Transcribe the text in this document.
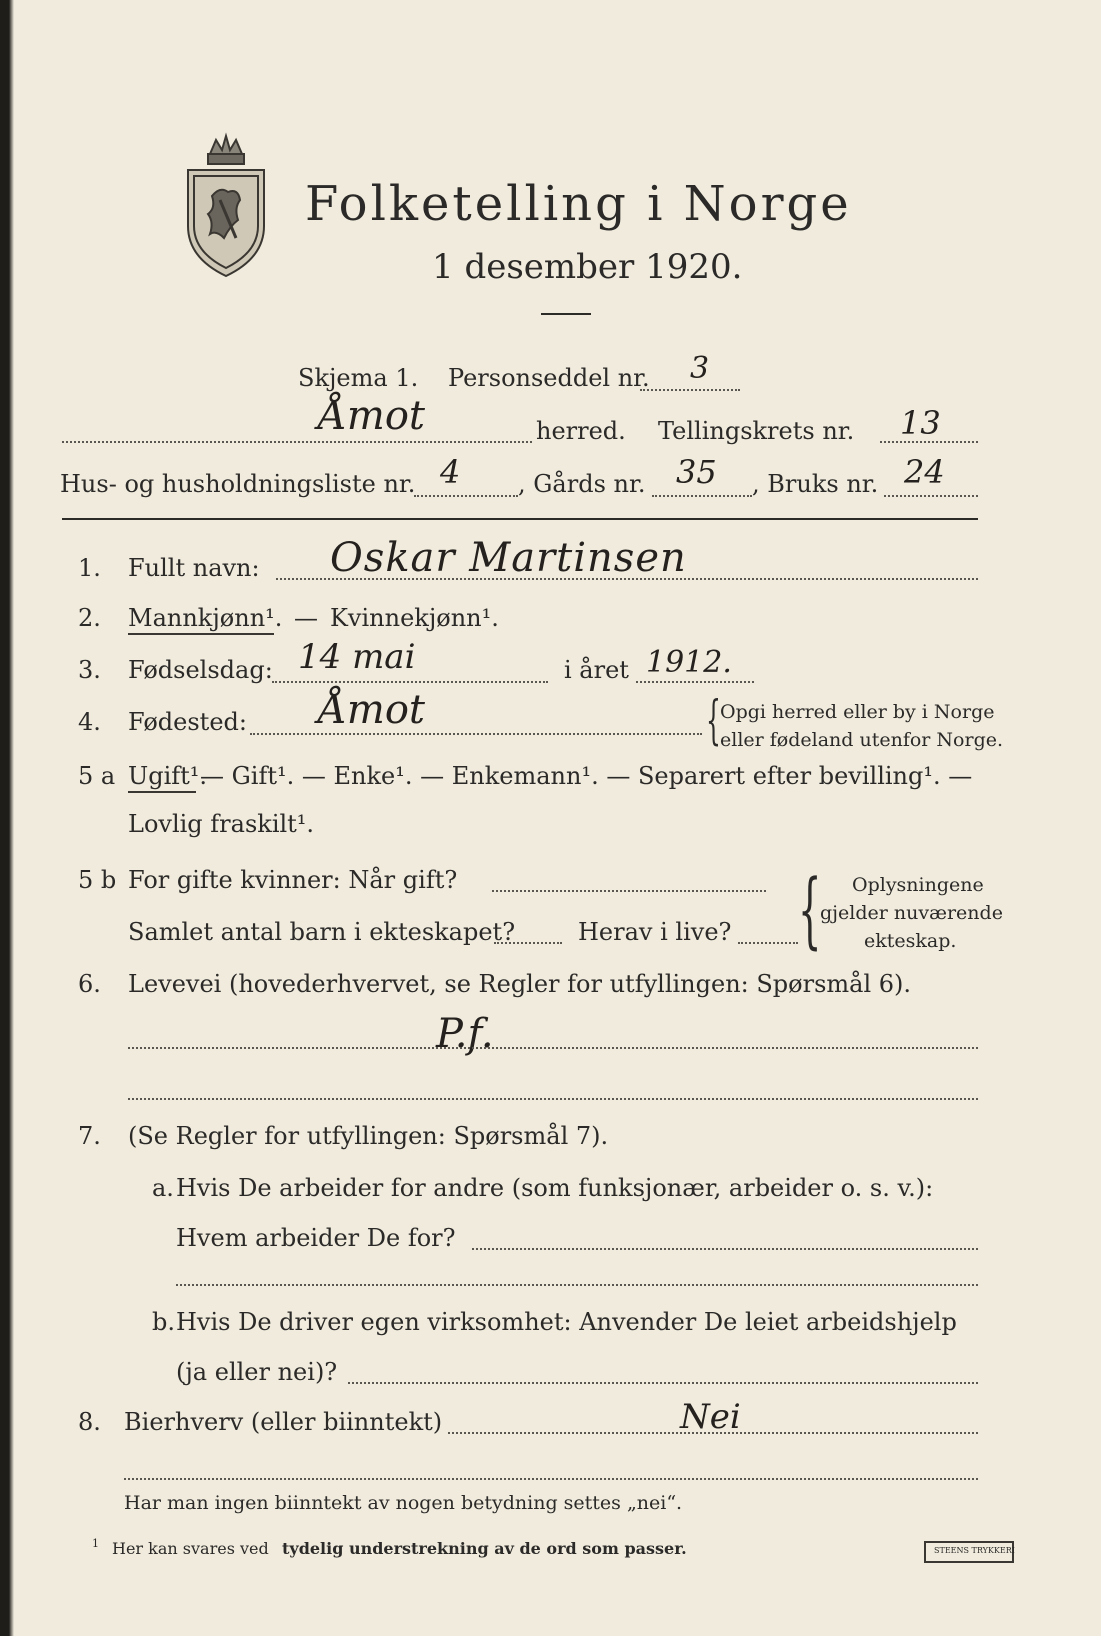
Folketelling i Norge
1 desember 1920.
Skjema 1. Personseddel nr. 3
Åmot	herred. Tellingskrets nr. 13
Hus- og husholdningsliste nr. 4 , Gårds nr. 35 , Bruks nr. 24
1. Fullt navn: Oskar Martinsen
2. Mannkjønn¹. — Kvinnekjønn¹.
3. Fødselsdag: 14 mai	i året 1912.
4. Fødested: Åmot	{ Opgi herred eller by i Norge
eller fødeland utenfor Norge.
5 a Ugift¹.
— Gift¹. — Enke¹. — Enkemann¹. — Separert efter bevilling¹. —
Lovlig fraskilt¹.
5 b For gifte kvinner: Når gift?
Samlet antal barn i ekteskapet?	Herav i live? { Oplysningene
gjelder nuværende
ekteskap.
6. Levevei (hovederhvervet, se Regler for utfyllingen: Spørsmål 6).
P.f.
7. (Se Regler for utfyllingen: Spørsmål 7).
a. Hvis De arbeider for andre (som funksjonær, arbeider o. s. v.):
Hvem arbeider De for?
b. Hvis De driver egen virksomhet: Anvender De leiet arbeidshjelp
(ja eller nei)?
8. Bierhverv (eller biinntekt)	Nei
Har man ingen biinntekt av nogen betydning settes „nei“.
1 Her kan svares ved tydelig understrekning av de ord som passer.	STEENS TRYKKERI
